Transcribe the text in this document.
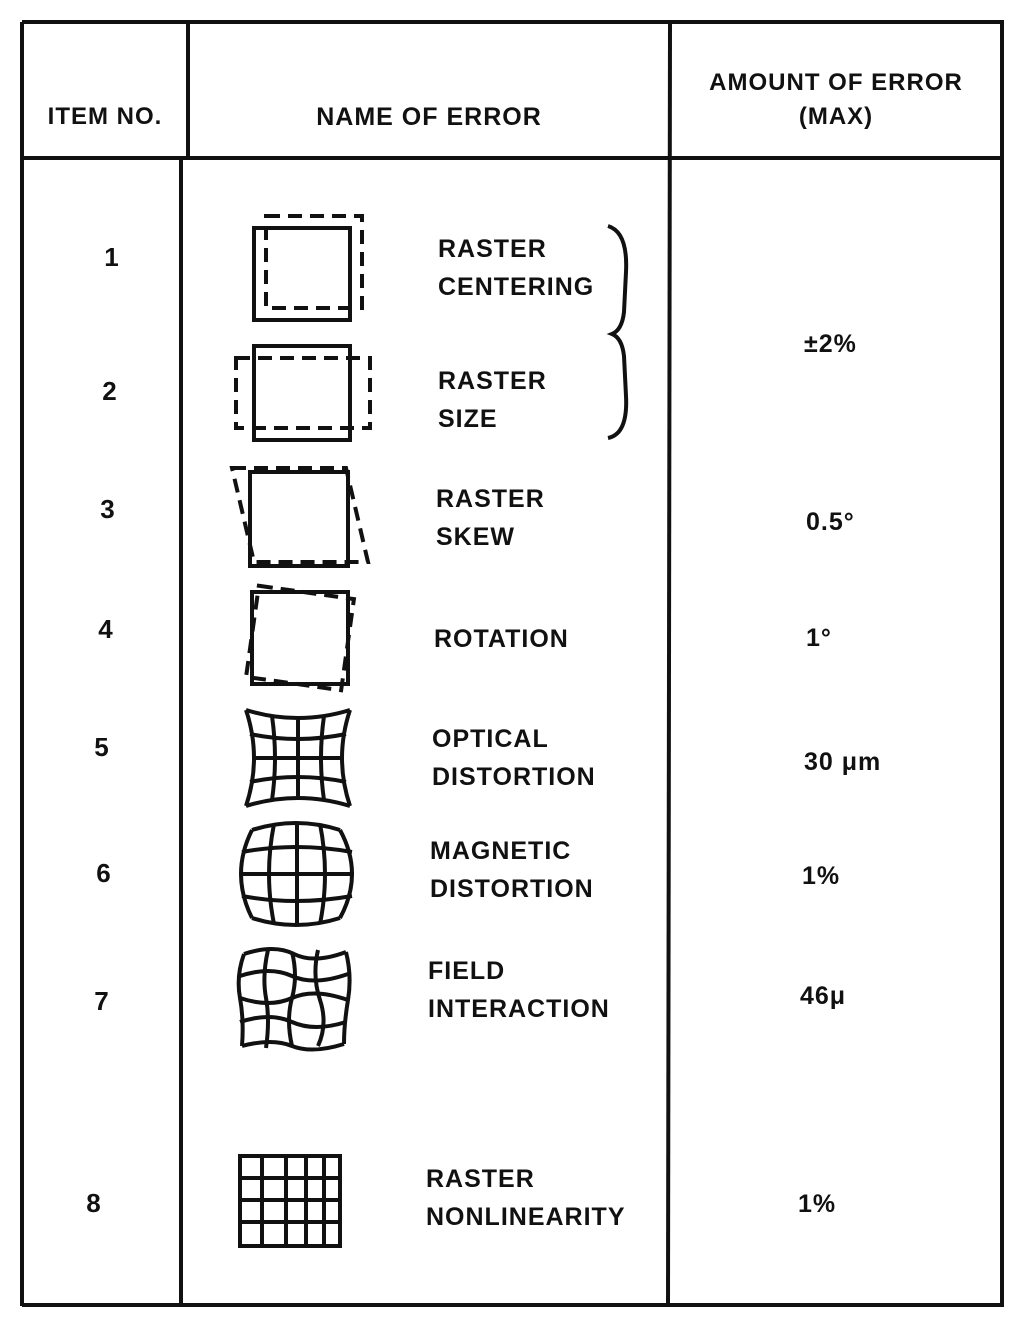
ITEM NO.	NAME OF ERROR
AMOUNT OF ERROR
(MAX)
1
2
3
4
5
6
7
8
RASTER
CENTERING
RASTER
SIZE
RASTER
SKEW
ROTATION
OPTICAL
DISTORTION
MAGNETIC
DISTORTION
FIELD
INTERACTION
RASTER
NONLINEARITY
±2%
0.5°
1°
30 μm
1%
46μ
1%
